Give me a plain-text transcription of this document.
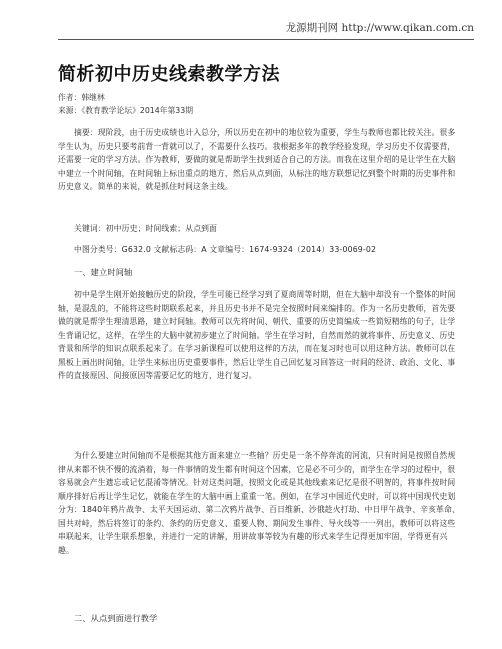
龙源期刊网 http://www.qikan.com.cn
简析初中历史线索教学方法
作者：韩继林
来源：《教育教学论坛》2014年第33期

摘要：现阶段，由于历史成绩也计入总分，所以历史在初中的地位较为重要，学生与教师也都比较关注。很多学生认为，历史只要考前背一背就可以了，不需要什么技巧。我根据多年的教学经验发现，学习历史不仅需要背，还需要一定的学习方法。作为教师，要做的就是帮助学生找到适合自己的方法。而我在这里介绍的是让学生在大脑中建立一个时间轴，在时间轴上标出重点的地方，然后从点到面，从标注的地方联想记忆到整个时期的历史事件和历史意义。简单的来说，就是抓住时间这条主线。

关键词：初中历史；时间线索；从点到面

中图分类号：G632.0 文献标志码：A 文章编号：1674-9324（2014）33-0069-02

一、建立时间轴

初中是学生刚开始接触历史的阶段，学生可能已经学习到了夏商周等时期，但在大脑中却没有一个整体的时间轴，是混乱的，不能将这些时期联系起来，并且历史书并不是完全按照时间来编排的。作为一名历史教师，首先要做的就是帮学生理清思路，建立时间轴。教师可以先将时间、朝代、重要的历史简编成一些简短精练的句子，让学生背诵记忆，这样，在学生的大脑中就初步建立了时间轴。学生在学习时，自然而然的就将事件、历史意义、历史背景和所学的知识点联系起来了。在学习新课程可以使用这样的方法，而在复习时也可以用这种方法。教师可以在黑板上画出时间轴，让学生来标出历史重要事件，然后让学生自己回忆复习回答这一时间的经济、政治、文化、事件的直接原因、间接原因等需要记忆的地方，进行复习。

为什么要建立时间轴而不是根据其他方面来建立一些轴？历史是一条不停奔流的河流，只有时间是按照自然规律从来都不快不慢的流淌着，每一件事情的发生都有时间这个因素，它是必不可少的，而学生在学习的过程中，很容易就会产生遗忘或记忆混淆等情况。针对这类问题，按照文化或是其他线索来记忆是很不明智的，将事件按时间顺序排好后再让学生记忆，就能在学生的大脑中画上重重一笔。例如，在学习中国近代史时，可以将中国现代史划分为：1840年鸦片战争、太平天国运动、第二次鸦片战争、百日维新、沙俄趁火打劫、中日甲午战争、辛亥革命、国共对峙，然后将签订的条约、条约的历史意义、重要人物、期间发生事件、导火线等一一列出，教师可以将这些串联起来，让学生联系想象，并进行一定的讲解，用讲故事等较为有趣的形式来学生记得更加牢固，学得更有兴趣。

二、从点到面进行教学
